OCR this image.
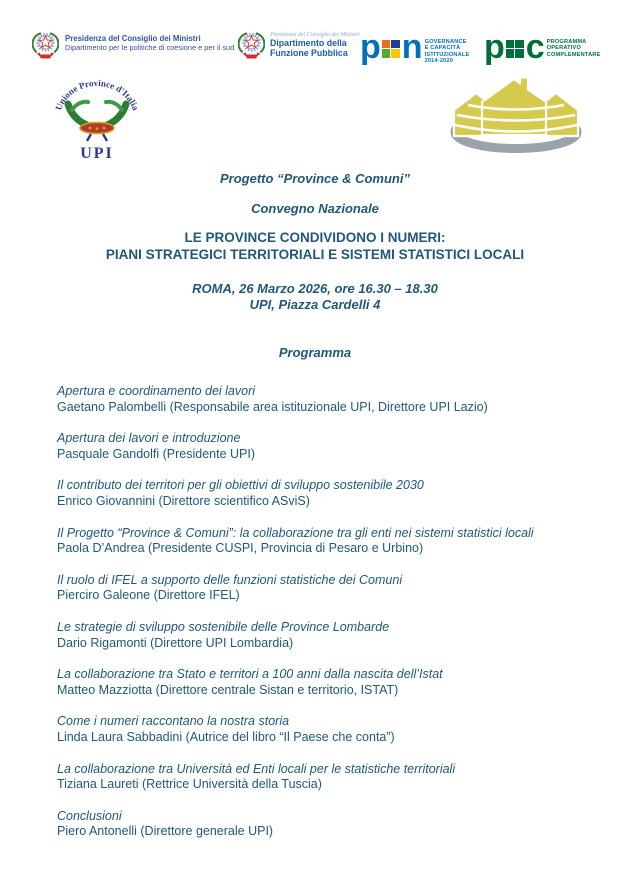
Presidenza del Consiglio dei Ministri
Dipartimento per le politiche di coesione e per il sud
Presidenza del Consiglio dei Ministri
Dipartimento della
Funzione Pubblica p n GOVERNANCE
E CAPACITÀ
ISTITUZIONALE
2014-2020 p c PROGRAMMA
OPERATIVO
COMPLEMENTARE
Unione Province d'Italia
UPI
Progetto “Province & Comuni”
Convegno Nazionale
LE PROVINCE CONDIVIDONO I NUMERI:
PIANI STRATEGICI TERRITORIALI E SISTEMI STATISTICI LOCALI
ROMA, 26 Marzo 2026, ore 16.30 – 18.30
UPI, Piazza Cardelli 4
Programma
Apertura e coordinamento dei lavori
Gaetano Palombelli (Responsabile area istituzionale UPI, Direttore UPI Lazio)
Apertura dei lavori e introduzione
Pasquale Gandolfi (Presidente UPI)
Il contributo dei territori per gli obiettivi di sviluppo sostenibile 2030
Enrico Giovannini (Direttore scientifico ASviS)
Il Progetto “Province & Comuni”: la collaborazione tra gli enti nei sistemi statistici locali
Paola D’Andrea (Presidente CUSPI, Provincia di Pesaro e Urbino)
Il ruolo di IFEL a supporto delle funzioni statistiche dei Comuni
Pierciro Galeone (Direttore IFEL)
Le strategie di sviluppo sostenibile delle Province Lombarde
Dario Rigamonti (Direttore UPI Lombardia)
La collaborazione tra Stato e territori a 100 anni dalla nascita dell’Istat
Matteo Mazziotta (Direttore centrale Sistan e territorio, ISTAT)
Come i numeri raccontano la nostra storia
Linda Laura Sabbadini (Autrice del libro “Il Paese che conta”)
La collaborazione tra Università ed Enti locali per le statistiche territoriali
Tiziana Laureti (Rettrice Università della Tuscia)
Conclusioni
Piero Antonelli (Direttore generale UPI)
